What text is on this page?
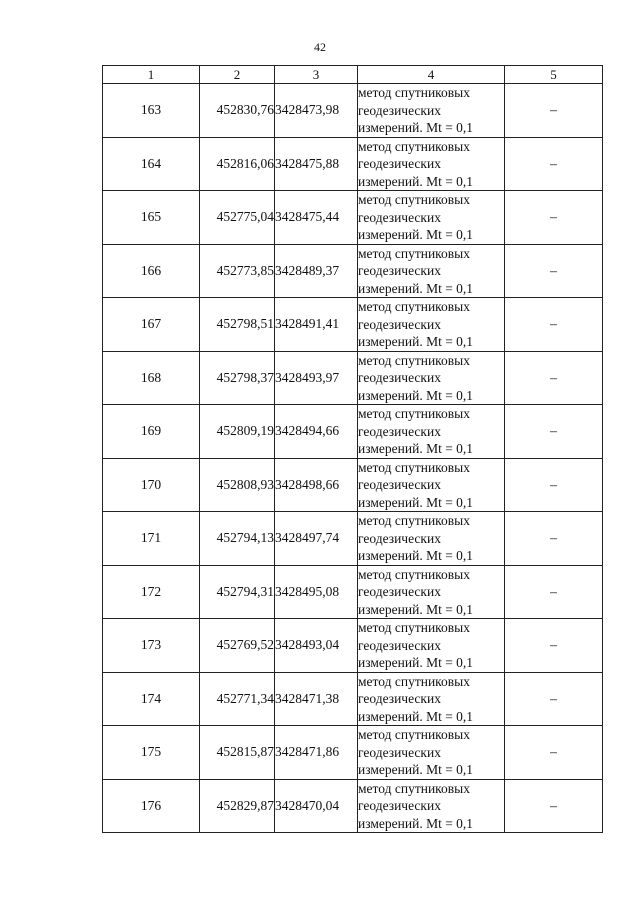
42
1	2	3	4	5
163	452830,76	3428473,98	метод спутниковых
геодезических
измерений. Mt = 0,1	–
164	452816,06	3428475,88	метод спутниковых
геодезических
измерений. Mt = 0,1	–
165	452775,04	3428475,44	метод спутниковых
геодезических
измерений. Mt = 0,1	–
166	452773,85	3428489,37	метод спутниковых
геодезических
измерений. Mt = 0,1	–
167	452798,51	3428491,41	метод спутниковых
геодезических
измерений. Mt = 0,1	–
168	452798,37	3428493,97	метод спутниковых
геодезических
измерений. Mt = 0,1	–
169	452809,19	3428494,66	метод спутниковых
геодезических
измерений. Mt = 0,1	–
170	452808,93	3428498,66	метод спутниковых
геодезических
измерений. Mt = 0,1	–
171	452794,13	3428497,74	метод спутниковых
геодезических
измерений. Mt = 0,1	–
172	452794,31	3428495,08	метод спутниковых
геодезических
измерений. Mt = 0,1	–
173	452769,52	3428493,04	метод спутниковых
геодезических
измерений. Mt = 0,1	–
174	452771,34	3428471,38	метод спутниковых
геодезических
измерений. Mt = 0,1	–
175	452815,87	3428471,86	метод спутниковых
геодезических
измерений. Mt = 0,1	–
176	452829,87	3428470,04	метод спутниковых
геодезических
измерений. Mt = 0,1	–
